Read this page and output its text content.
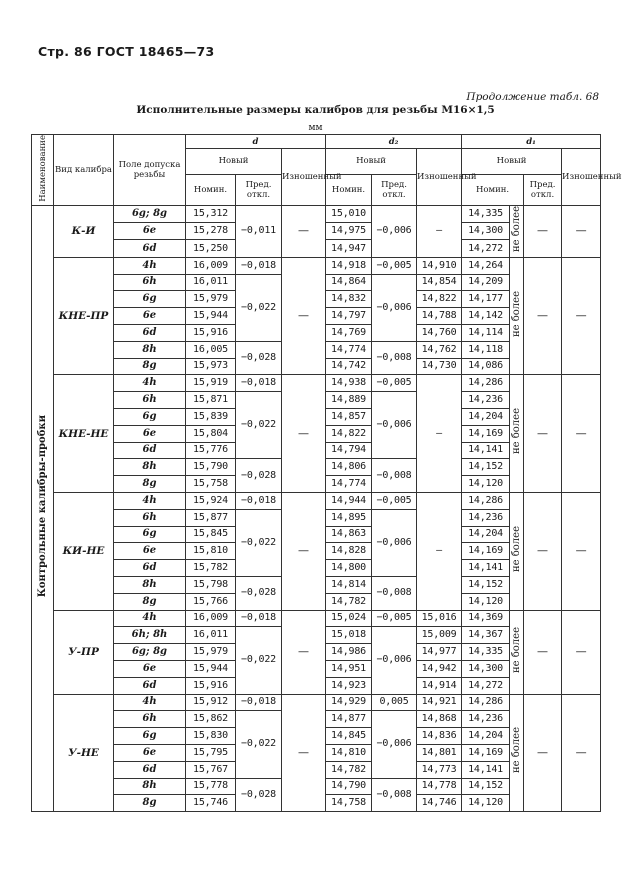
Стр. 86 ГОСТ 18465—73
Продолжение табл. 68
Исполнительные размеры калибров для резьбы М16×1,5
мм
Наименование	Вид калибра	Поле допуска резьбы	d			d₂			d₁			
			Новый		Изношенный	Новый		Изношенный	Новый			Изношенный
			Номин.	Пред. откл.		Номин.	Пред. откл.		Номин.		Пред. откл.	
Контрольные калибры-пробки	К-И	6g; 8g	15,312	−0,011	—	15,010	−0,006	—	14,335	не более	—	—
		6e	15,278			14,975			14,300			
		6d	15,250			14,947			14,272			
	КНЕ-ПР	4h	16,009	−0,018	—	14,918	−0,005	14,910	14,264	не более	—	—
		6h	16,011	−0,022		14,864	−0,006	14,854	14,209			
		6g	15,979			14,832		14,822	14,177			
		6e	15,944			14,797		14,788	14,142			
		6d	15,916			14,769		14,760	14,114			
		8h	16,005	−0,028		14,774	−0,008	14,762	14,118			
		8g	15,973			14,742		14,730	14,086			
	КНЕ-НЕ	4h	15,919	−0,018	—	14,938	−0,005	—	14,286	не более	—	—
		6h	15,871	−0,022		14,889	−0,006		14,236			
		6g	15,839			14,857			14,204			
		6e	15,804			14,822			14,169			
		6d	15,776			14,794			14,141			
		8h	15,790	−0,028		14,806	−0,008		14,152			
		8g	15,758			14,774			14,120			
	КИ-НЕ	4h	15,924	−0,018	—	14,944	−0,005	—	14,286	не более	—	—
		6h	15,877	−0,022		14,895	−0,006		14,236			
		6g	15,845			14,863			14,204			
		6e	15,810			14,828			14,169			
		6d	15,782			14,800			14,141			
		8h	15,798	−0,028		14,814	−0,008		14,152			
		8g	15,766			14,782			14,120			
	У-ПР	4h	16,009	−0,018	—	15,024	−0,005	15,016	14,369	не более	—	—
		6h; 8h	16,011	−0,022		15,018	−0,006	15,009	14,367			
		6g; 8g	15,979			14,986		14,977	14,335			
		6e	15,944			14,951		14,942	14,300			
		6d	15,916			14,923		14,914	14,272			
	У-НЕ	4h	15,912	−0,018	—	14,929	0,005	14,921	14,286	не более	—	—
		6h	15,862	−0,022		14,877	−0,006	14,868	14,236			
		6g	15,830			14,845		14,836	14,204			
		6e	15,795			14,810		14,801	14,169			
		6d	15,767			14,782		14,773	14,141			
		8h	15,778	−0,028		14,790	−0,008	14,778	14,152			
		8g	15,746			14,758		14,746	14,120			
